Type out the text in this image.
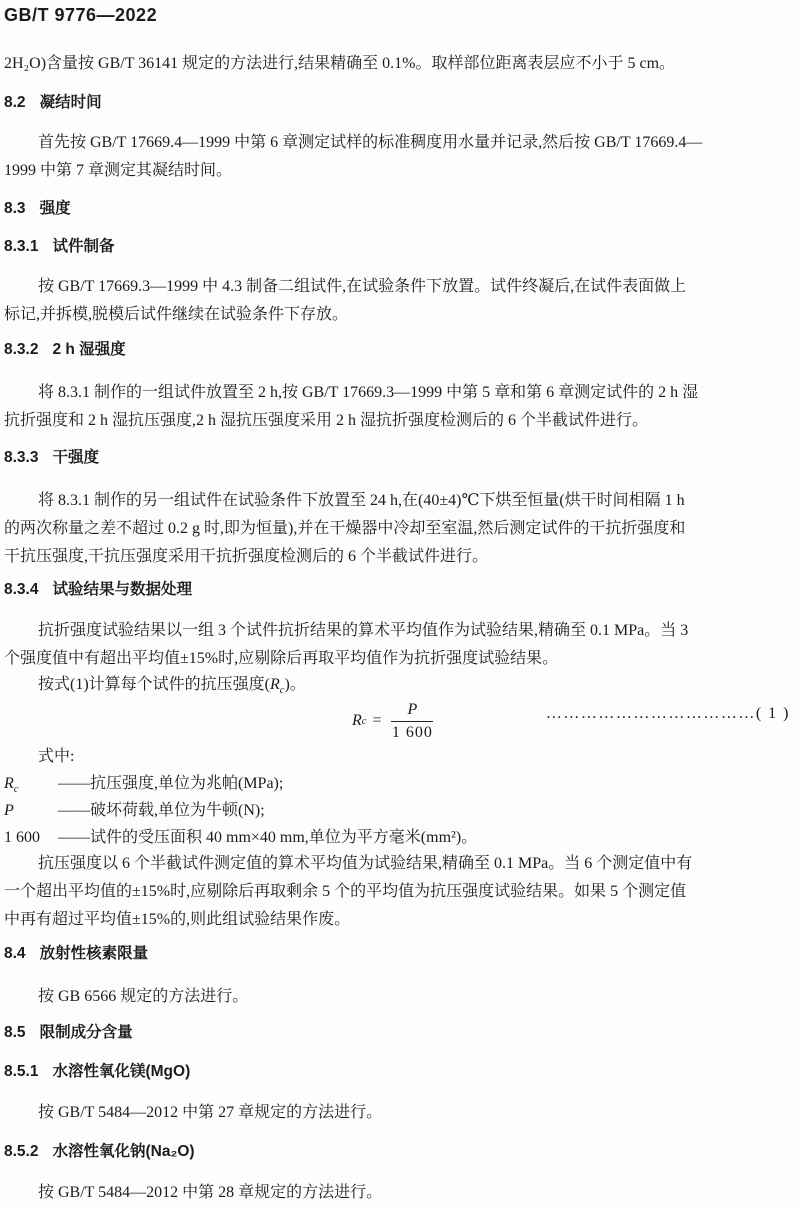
GB/T 9776—2022
2H₂O)含量按 GB/T 36141 规定的方法进行,结果精确至 0.1%。取样部位距离表层应不小于 5 cm。
8.2 凝结时间
首先按 GB/T 17669.4—1999 中第 6 章测定试样的标准稠度用水量并记录,然后按 GB/T 17669.4—
1999 中第 7 章测定其凝结时间。
8.3 强度
8.3.1 试件制备
按 GB/T 17669.3—1999 中 4.3 制备二组试件,在试验条件下放置。试件终凝后,在试件表面做上
标记,并拆模,脱模后试件继续在试验条件下存放。
8.3.2 2 h 湿强度
将 8.3.1 制作的一组试件放置至 2 h,按 GB/T 17669.3—1999 中第 5 章和第 6 章测定试件的 2 h 湿
抗折强度和 2 h 湿抗压强度,2 h 湿抗压强度采用 2 h 湿抗折强度检测后的 6 个半截试件进行。
8.3.3 干强度
将 8.3.1 制作的另一组试件在试验条件下放置至 24 h,在(40±4)℃下烘至恒量(烘干时间相隔 1 h
的两次称量之差不超过 0.2 g 时,即为恒量),并在干燥器中冷却至室温,然后测定试件的干抗折强度和
干抗压强度,干抗压强度采用干抗折强度检测后的 6 个半截试件进行。
8.3.4 试验结果与数据处理
抗折强度试验结果以一组 3 个试件抗折结果的算术平均值作为试验结果,精确至 0.1 MPa。当 3
个强度值中有超出平均值±15%时,应剔除后再取平均值作为抗折强度试验结果。
按式(1)计算每个试件的抗压强度$(R_c)$。
R $c = \frac{P}{1 600}$	………………………………( 1 )
式中:
$R_c$	——抗压强度,单位为兆帕(MPa);
P	——破坏荷载,单位为牛顿(N);
1 600	——试件的受压面积 40 mm×40 mm,单位为平方毫米(mm²)。
抗压强度以 6 个半截试件测定值的算术平均值为试验结果,精确至 0.1 MPa。当 6 个测定值中有
一个超出平均值的±15%时,应剔除后再取剩余 5 个的平均值为抗压强度试验结果。如果 5 个测定值
中再有超过平均值±15%的,则此组试验结果作废。
8.4 放射性核素限量
按 GB 6566 规定的方法进行。
8.5 限制成分含量
8.5.1 水溶性氧化镁(MgO)
按 GB/T 5484—2012 中第 27 章规定的方法进行。
8.5.2 水溶性氧化钠(Na₂O)
按 GB/T 5484—2012 中第 28 章规定的方法进行。
